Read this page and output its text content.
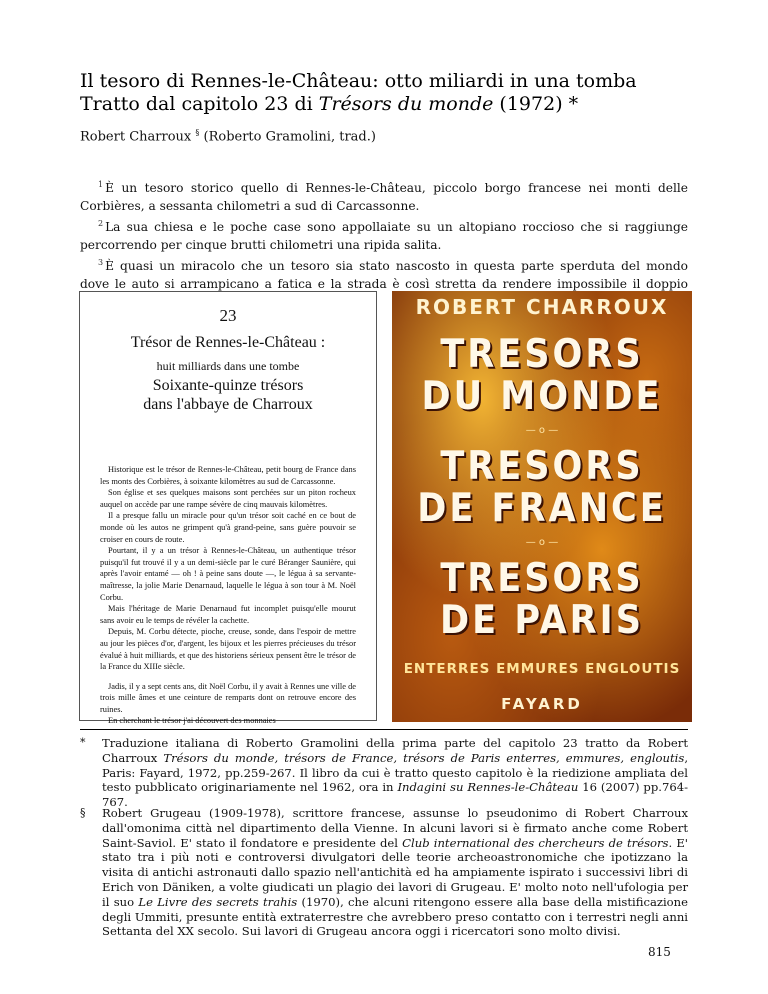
Il tesoro di Rennes-le-Château: otto miliardi in una tomba
Tratto dal capitolo 23 di Trésors du monde (1972) *
Robert Charroux § (Roberto Gramolini, trad.)

$^1$ È un tesoro storico quello di Rennes-le-Château, piccolo borgo francese nei monti delle Corbières, a sessanta chilometri a sud di Carcassonne.

$^2$ La sua chiesa e le poche case sono appollaiate su un altopiano roccioso che si raggiunge percorrendo per cinque brutti chilometri una ripida salita.

$^3$ È quasi un miracolo che un tesoro sia stato nascosto in questa parte sperduta del mondo dove le auto si arrampicano a fatica e la strada è così stretta da rendere impossibile il doppio

23
Trésor de Rennes-le-Château :
huit milliards dans une tombe
Soixante-quinze trésors
dans l'abbaye de Charroux

Historique est le trésor de Rennes-le-Château, petit bourg de France dans les monts des Corbières, à soixante kilomètres au sud de Carcassonne.

Son église et ses quelques maisons sont perchées sur un piton rocheux auquel on accède par une rampe sévère de cinq mauvais kilomètres.

Il a presque fallu un miracle pour qu'un trésor soit caché en ce bout de monde où les autos ne grimpent qu'à grand-peine, sans guère pouvoir se croiser en cours de route.

Pourtant, il y a un trésor à Rennes-le-Château, un authentique trésor puisqu'il fut trouvé il y a un demi-siècle par le curé Béranger Saunière, qui après l'avoir entamé — oh ! à peine sans doute —, le légua à sa servante-maîtresse, la jolie Marie Denarnaud, laquelle le légua à son tour à M. Noël Corbu.

Mais l'héritage de Marie Denarnaud fut incomplet puisqu'elle mourut sans avoir eu le temps de révéler la cachette.

Depuis, M. Corbu détecte, pioche, creuse, sonde, dans l'espoir de mettre au jour les pièces d'or, d'argent, les bijoux et les pierres précieuses du trésor évalué à huit milliards, et que des historiens sérieux pensent être le trésor de la France du XIIIe siècle.

Jadis, il y a sept cents ans, dit Noël Corbu, il y avait à Rennes une ville de trois mille âmes et une ceinture de remparts dont on retrouve encore des ruines.

En cherchant le trésor j'ai découvert des monnaies

ROBERT CHARROUX
TRESORS
DU MONDE
— o —
TRESORS
DE FRANCE
— o —
TRESORS
DE PARIS
ENTERRES EMMURES ENGLOUTIS
FAYARD
* Traduzione italiana di Roberto Gramolini della prima parte del capitolo 23 tratto da Robert Charroux Trésors du monde, trésors de France, trésors de Paris enterres, emmures, engloutis, Paris: Fayard, 1972, pp.259-267. Il libro da cui è tratto questo capitolo è la riedizione ampliata del testo pubblicato originariamente nel 1962, ora in Indagini su Rennes-le-Château 16 (2007) pp.764-767.
§ Robert Grugeau (1909-1978), scrittore francese, assunse lo pseudonimo di Robert Charroux dall'omonima città nel dipartimento della Vienne. In alcuni lavori si è firmato anche come Robert Saint-Saviol. E' stato il fondatore e presidente del Club international des chercheurs de trésors. E' stato tra i più noti e controversi divulgatori delle teorie archeoastronomiche che ipotizzano la visita di antichi astronauti dallo spazio nell'antichità ed ha ampiamente ispirato i successivi libri di Erich von Däniken, a volte giudicati un plagio dei lavori di Grugeau. E' molto noto nell'ufologia per il suo Le Livre des secrets trahis (1970), che alcuni ritengono essere alla base della mistificazione degli Ummiti, presunte entità extraterrestre che avrebbero preso contatto con i terrestri negli anni Settanta del XX secolo. Sui lavori di Grugeau ancora oggi i ricercatori sono molto divisi.
815
